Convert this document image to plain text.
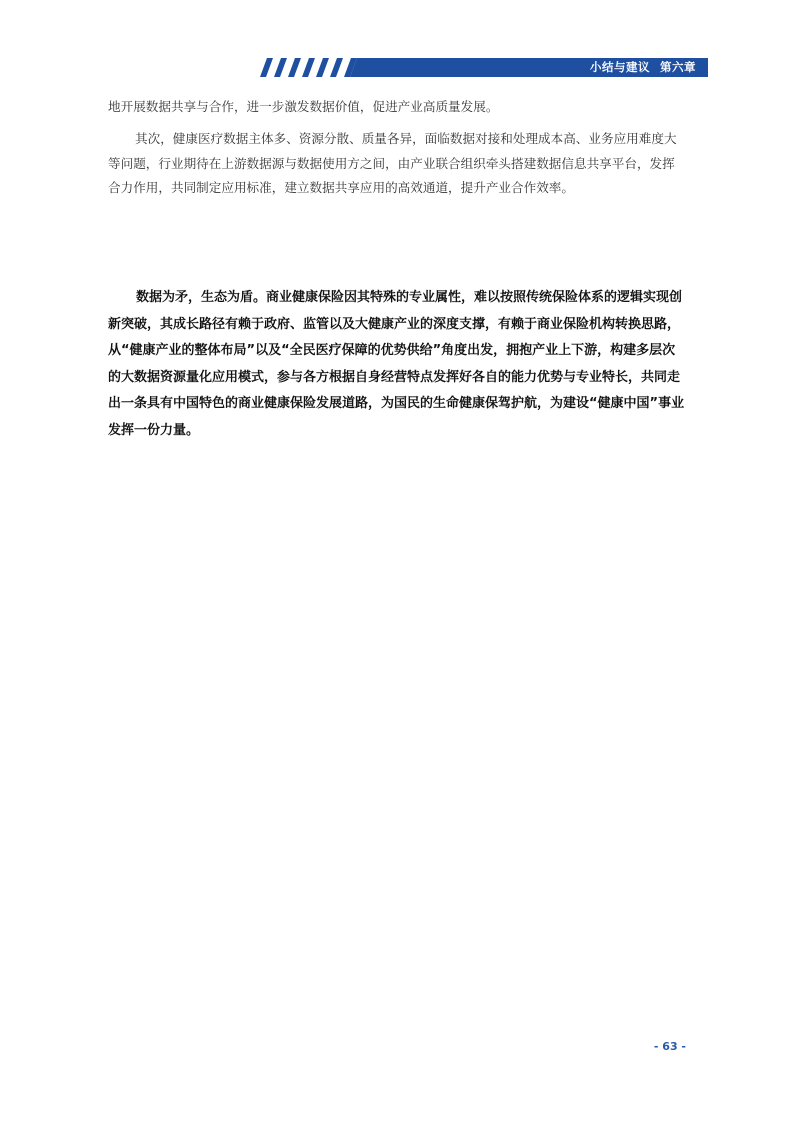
小结与建议 第六章

地开展数据共享与合作，进一步激发数据价值，促进产业高质量发展。

其次，健康医疗数据主体多、资源分散、质量各异，面临数据对接和处理成本高、业务应用难度大等问题，行业期待在上游数据源与数据使用方之间，由产业联合组织牵头搭建数据信息共享平台，发挥合力作用，共同制定应用标准，建立数据共享应用的高效通道，提升产业合作效率。

数据为矛，生态为盾。商业健康保险因其特殊的专业属性，难以按照传统保险体系的逻辑实现创新突破，其成长路径有赖于政府、监管以及大健康产业的深度支撑，有赖于商业保险机构转换思路，从“健康产业的整体布局”以及“全民医疗保障的优势供给”角度出发，拥抱产业上下游，构建多层次的大数据资源量化应用模式，参与各方根据自身经营特点发挥好各自的能力优势与专业特长，共同走出一条具有中国特色的商业健康保险发展道路，为国民的生命健康保驾护航，为建设“健康中国”事业发挥一份力量。

- 63 -
